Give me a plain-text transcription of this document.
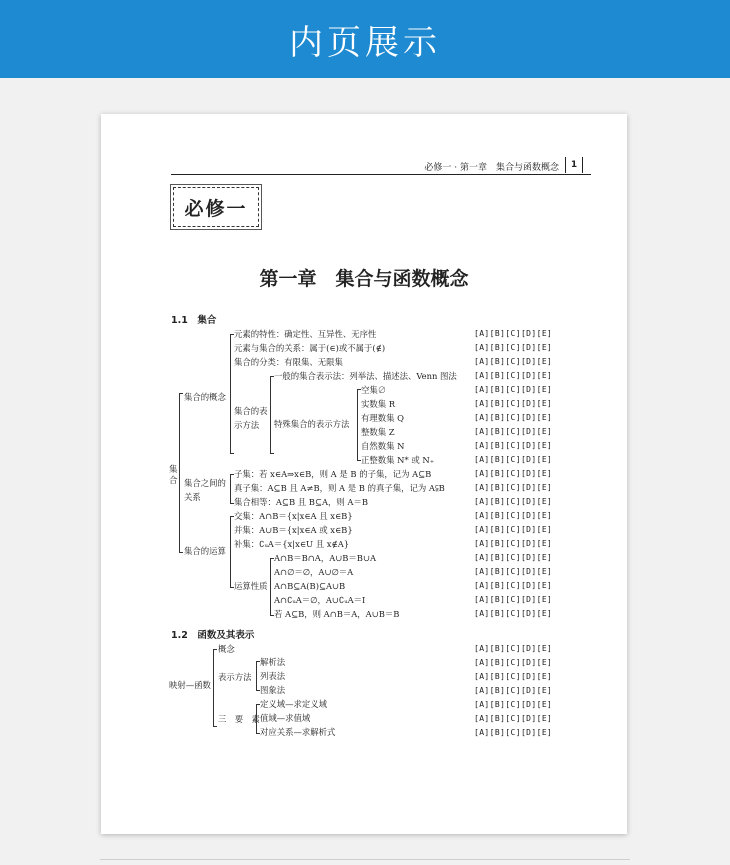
内页展示
必修一 · 第一章　集合与函数概念	1
必修一
第一章　集合与函数概念
1.1　集合
集合
集合的概念
元素的特性：确定性、互异性、无序性
元素与集合的关系：属于(∈)或不属于(∉)
集合的分类：有限集、无限集
集合的表示方法
一般的集合表示法：列举法、描述法、Venn 图法
特殊集合的表示方法
空集∅
实数集 R
有理数集 Q
整数集 Z
自然数集 N
正整数集 N* 或 N₊
集合之间的关系
子集：若 x∈A⇒x∈B，则 A 是 B 的子集，记为 A⊆B
真子集：A⊆B 且 A≠B，则 A 是 B 的真子集，记为 A⫋B
集合相等：A⊆B 且 B⊆A，则 A＝B
集合的运算
交集：A∩B＝{x|x∈A 且 x∈B}
并集：A∪B＝{x|x∈A 或 x∈B}
补集：∁ᵤA＝{x|x∈U 且 x∉A}
运算性质
A∩B＝B∩A，A∪B＝B∪A
A∩∅＝∅，A∪∅＝A
A∩B⊆A(B)⊆A∪B
A∩∁ᵤA＝∅，A∪∁ᵤA＝I
若 A⊆B，则 A∩B＝A，A∪B＝B
1.2　函数及其表示
映射—函数
概念
表示方法
解析法
列表法
图象法
三　要　素
定义域—求定义域
值域—求值域
对应关系—求解析式
[A][B][C][D][E]
[A][B][C][D][E]
[A][B][C][D][E]
[A][B][C][D][E]
[A][B][C][D][E]
[A][B][C][D][E]
[A][B][C][D][E]
[A][B][C][D][E]
[A][B][C][D][E]
[A][B][C][D][E]
[A][B][C][D][E]
[A][B][C][D][E]
[A][B][C][D][E]
[A][B][C][D][E]
[A][B][C][D][E]
[A][B][C][D][E]
[A][B][C][D][E]
[A][B][C][D][E]
[A][B][C][D][E]
[A][B][C][D][E]
[A][B][C][D][E]
[A][B][C][D][E]
[A][B][C][D][E]
[A][B][C][D][E]
[A][B][C][D][E]
[A][B][C][D][E]
[A][B][C][D][E]
[A][B][C][D][E]
